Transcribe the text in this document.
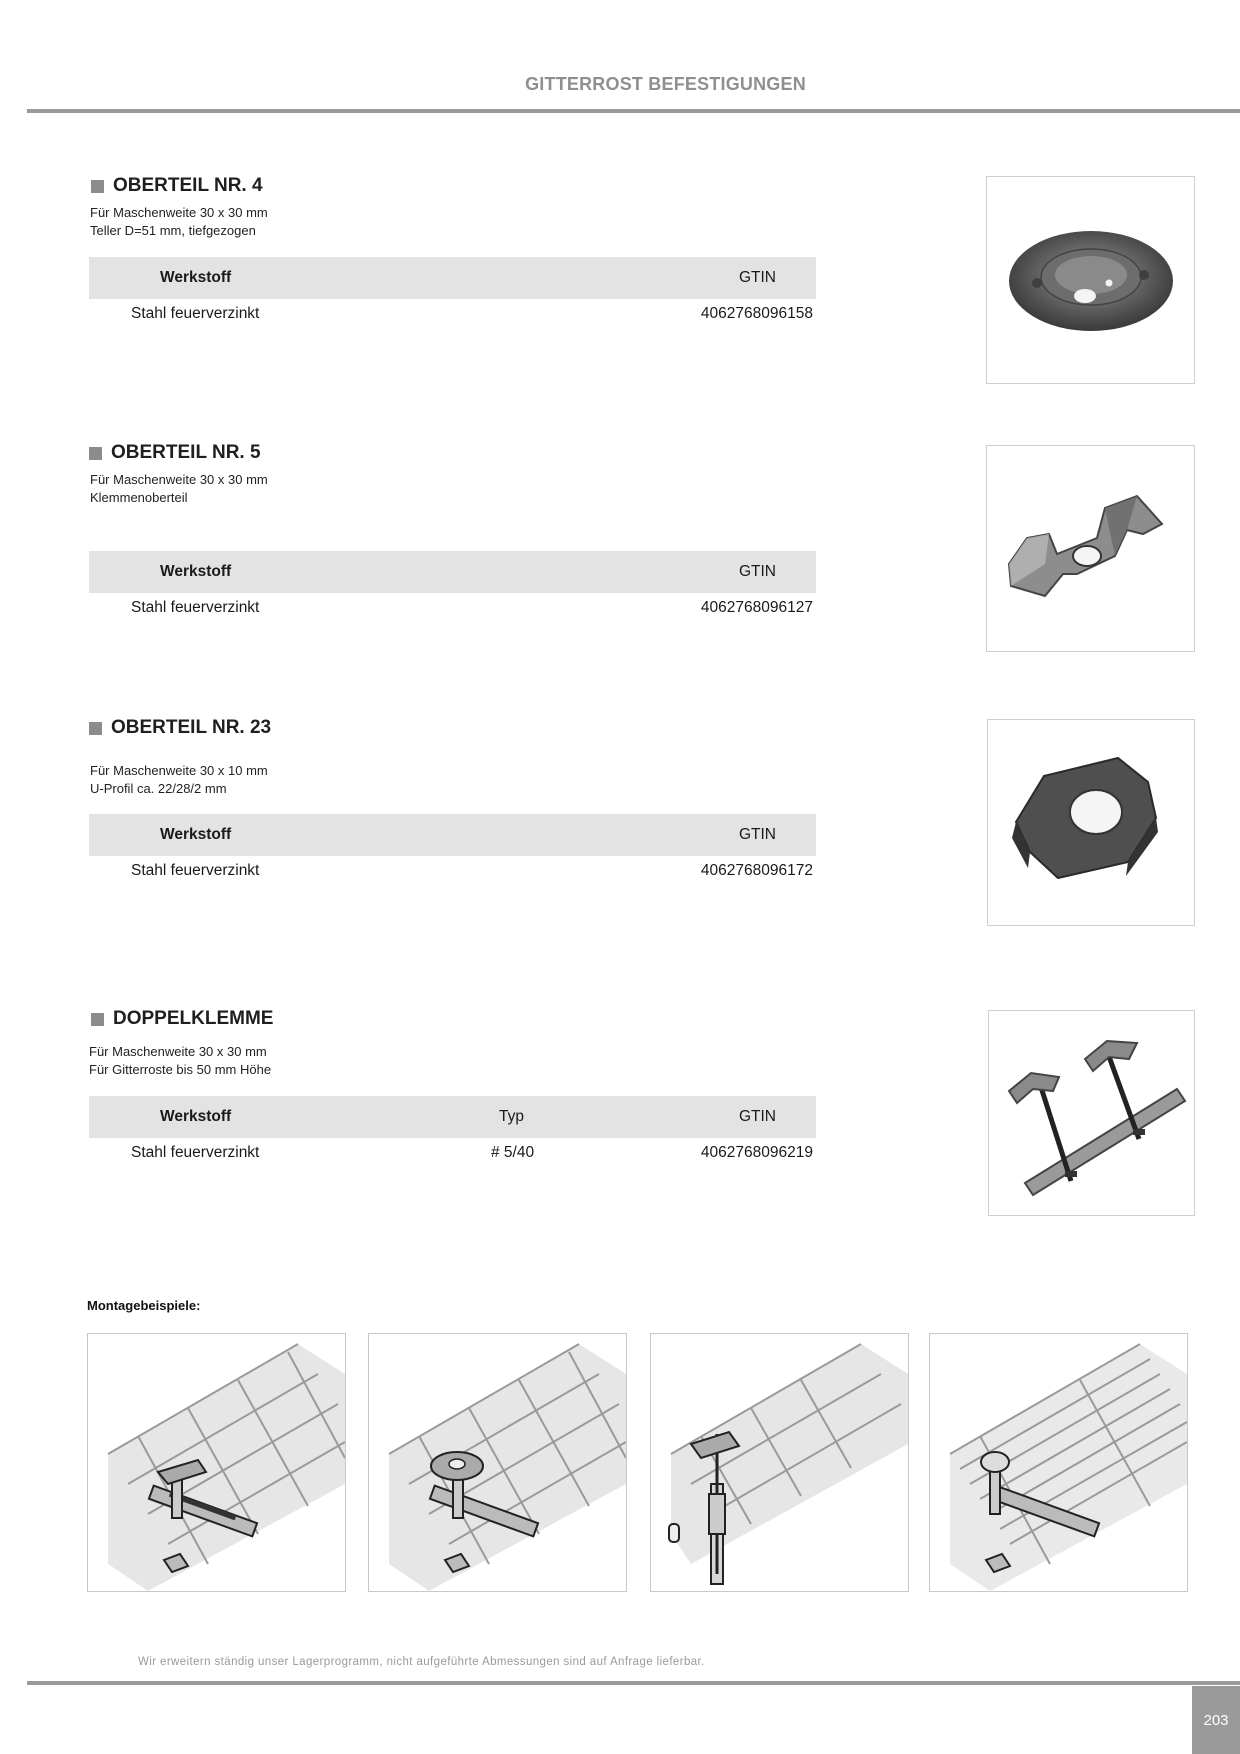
GITTERROST BEFESTIGUNGEN
OBERTEIL NR. 4
Für Maschenweite 30 x 30 mm
Teller D=51 mm, tiefgezogen
Werkstoff	GTIN
Stahl feuerverzinkt	4062768096158
OBERTEIL NR. 5
Für Maschenweite 30 x 30 mm
Klemmenoberteil
Werkstoff	GTIN
Stahl feuerverzinkt	4062768096127
OBERTEIL NR. 23
Für Maschenweite 30 x 10 mm
U-Profil ca. 22/28/2 mm
Werkstoff	GTIN
Stahl feuerverzinkt	4062768096172
DOPPELKLEMME
Für Maschenweite 30 x 30 mm
Für Gitterroste bis 50 mm Höhe
Werkstoff	Typ	GTIN
Stahl feuerverzinkt	# 5/40	4062768096219
Montagebeispiele:
Wir erweitern ständig unser Lagerprogramm, nicht aufgeführte Abmessungen sind auf Anfrage lieferbar.
203
